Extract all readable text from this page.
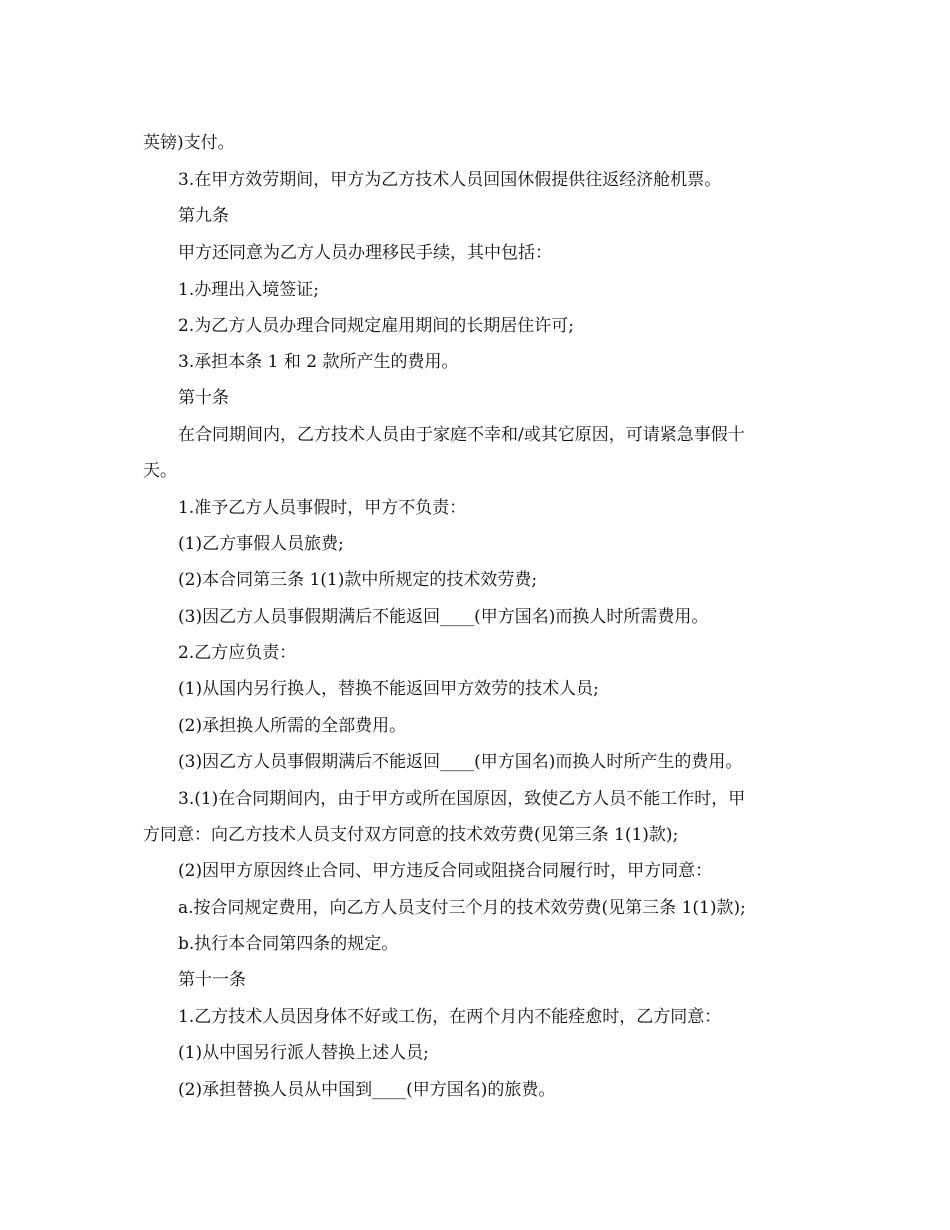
英镑)支付。
3.在甲方效劳期间，甲方为乙方技术人员回国休假提供往返经济舱机票。
第九条
甲方还同意为乙方人员办理移民手续，其中包括：
1.办理出入境签证;
2.为乙方人员办理合同规定雇用期间的长期居住许可;
3.承担本条 1 和 2 款所产生的费用。
第十条
在合同期间内，乙方技术人员由于家庭不幸和/或其它原因，可请紧急事假十
天。
1.准予乙方人员事假时，甲方不负责：
(1)乙方事假人员旅费;
(2)本合同第三条 1(1)款中所规定的技术效劳费;
(3)因乙方人员事假期满后不能返回____(甲方国名)而换人时所需费用。
2.乙方应负责：
(1)从国内另行换人，替换不能返回甲方效劳的技术人员;
(2)承担换人所需的全部费用。
(3)因乙方人员事假期满后不能返回____(甲方国名)而换人时所产生的费用。
3.(1)在合同期间内，由于甲方或所在国原因，致使乙方人员不能工作时，甲
方同意：向乙方技术人员支付双方同意的技术效劳费(见第三条 1(1)款);
(2)因甲方原因终止合同、甲方违反合同或阻挠合同履行时，甲方同意：
a.按合同规定费用，向乙方人员支付三个月的技术效劳费(见第三条 1(1)款);
b.执行本合同第四条的规定。
第十一条
1.乙方技术人员因身体不好或工伤，在两个月内不能痊愈时，乙方同意：
(1)从中国另行派人替换上述人员;
(2)承担替换人员从中国到____(甲方国名)的旅费。
